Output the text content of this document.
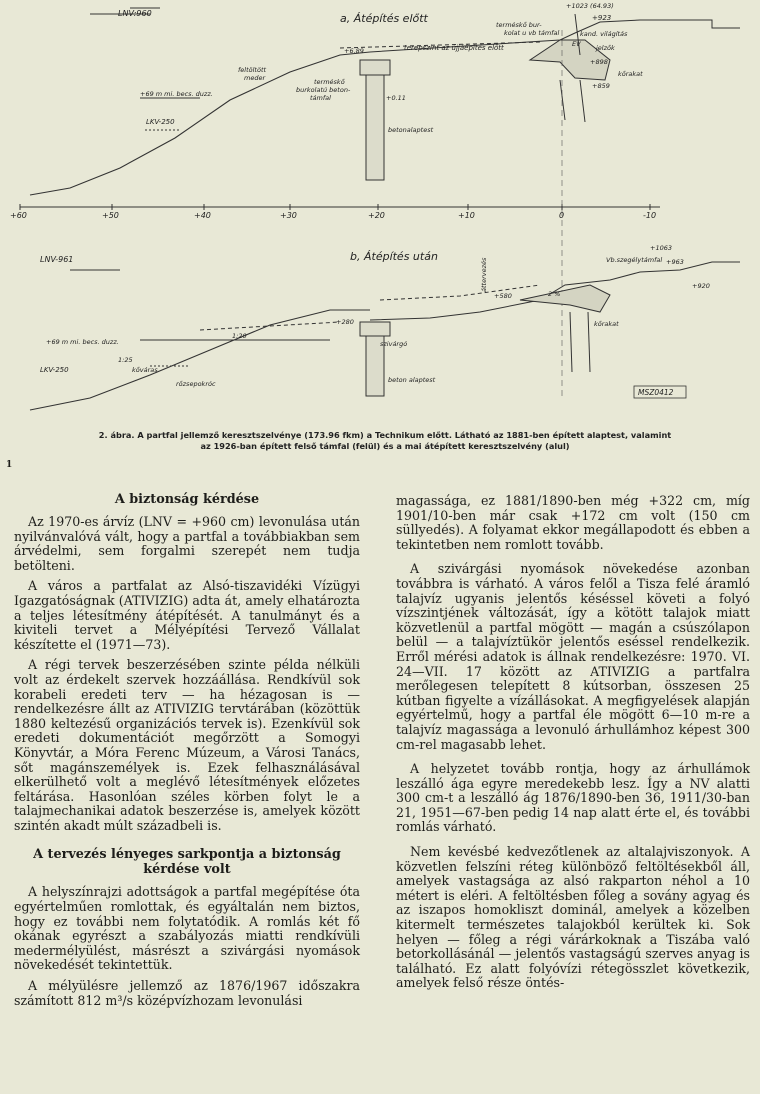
a, Átépítés előtt
LNV:960
+1023 (64.93)
+923
terméskő bur-
kolat u vb támfal	kand. világítás
EV jelzők
+898
kőrakat
+859
terepszint az újjáépítés előtt
+6.89
feltöltött
meder	terméskő
burkolatú beton-
támfal	+0.11
betonalaptest
+69 m mi. becs. duzz.
LKV-250
+60	+50	+40	+30	+20	+10	0	-10
b, Átépítés után
LNV-961
+1063
Vb.szegélytámfal +963
áttervezés
+580	2 %
+920
kőrakat
+280
+69 m mi. becs. duzz.
1:20
1:25
szivárgó
LKV-250	kőváras
rőzsepokróc	beton alaptest
MSZ0412
2. ábra. A partfal jellemző keresztszelvénye (173.96 fkm) a Technikum előtt. Látható az 1881-ben épített alaptest, valamint
az 1926-ban épített felső támfal (felül) és a mai átépített keresztszelvény (alul)
1
A biztonság kérdése

Az 1970-es árvíz (LNV = +960 cm) levonulása után nyilvánvalóvá vált, hogy a partfal a továbbiakban sem árvédelmi, sem forgalmi szerepét nem tudja betölteni.

A város a partfalat az Alsó-tiszavidéki Vízügyi Igazgatóságnak (ATIVIZIG) adta át, amely elhatározta a teljes létesítmény átépítését. A tanulmányt és a kiviteli tervet a Mélyépítési Tervező Vállalat készítette el (1971—73).

A régi tervek beszerzésében szinte példa nélküli volt az érdekelt szervek hozzáállása. Rendkívül sok korabeli eredeti terv — ha hézagosan is — rendelkezésre állt az ATIVIZIG tervtárában (közöttük 1880 keltezésű organizációs tervek is). Ezenkívül sok eredeti dokumentációt megőrzött a Somogyi Könyvtár, a Móra Ferenc Múzeum, a Városi Tanács, sőt magánszemélyek is. Ezek felhasználásával elkerülhető volt a meglévő létesítmények előzetes feltárása. Hasonlóan széles körben folyt le a talajmechanikai adatok beszerzése is, amelyek között szintén akadt múlt századbeli is.

A tervezés lényeges sarkpontja a biztonság kérdése volt

A helyszínrajzi adottságok a partfal megépítése óta egyértelműen romlottak, és egyáltalán nem biztos, hogy ez további nem folytatódik. A romlás két fő okának egyrészt a szabályozás miatti rendkívüli medermélyülést, másrészt a szivárgási nyomások növekedését tekintettük.

A mélyülésre jellemző az 1876/1967 időszakra számított 812 m³/s középvízhozam levonulási

magassága, ez 1881/1890-ben még +322 cm, míg 1901/10-ben már csak +172 cm volt (150 cm süllyedés). A folyamat ekkor megállapodott és ebben a tekintetben nem romlott tovább.

A szivárgási nyomások növekedése azonban továbbra is várható. A város felől a Tisza felé áramló talajvíz ugyanis jelentős késéssel követi a folyó vízszintjének változását, így a kötött talajok miatt közvetlenül a partfal mögött — magán a csúszólapon belül — a talajvíztükör jelentős eséssel rendelkezik. Erről mérési adatok is állnak rendelkezésre: 1970. VI. 24—VII. 17 között az ATIVIZIG a partfalra merőlegesen telepített 8 kútsorban, összesen 25 kútban figyelte a vízállásokat. A megfigyelések alapján egyértelmű, hogy a partfal éle mögött 6—10 m-re a talajvíz magassága a levonuló árhullámhoz képest 300 cm-rel magasabb lehet.

A helyzetet tovább rontja, hogy az árhullámok leszálló ága egyre meredekebb lesz. Így a NV alatti 300 cm-t a leszálló ág 1876/1890-ben 36, 1911/30-ban 21, 1951—67-ben pedig 14 nap alatt érte el, és további romlás várható.

Nem kevésbé kedvezőtlenek az altalajviszonyok. A közvetlen felszíni réteg különböző feltöltésekből áll, amelyek vastagsága az alsó rakparton néhol a 10 métert is eléri. A feltöltésben főleg a sovány agyag és az iszapos homokliszt dominál, amelyek a közelben kitermelt természetes talajokból kerültek ki. Sok helyen — főleg a régi várárkoknak a Tiszába való betorkollásánál — jelentős vastagságú szerves anyag is található. Ez alatt folyóvízi rétegösszlet következik, amelyek felső része öntés-
